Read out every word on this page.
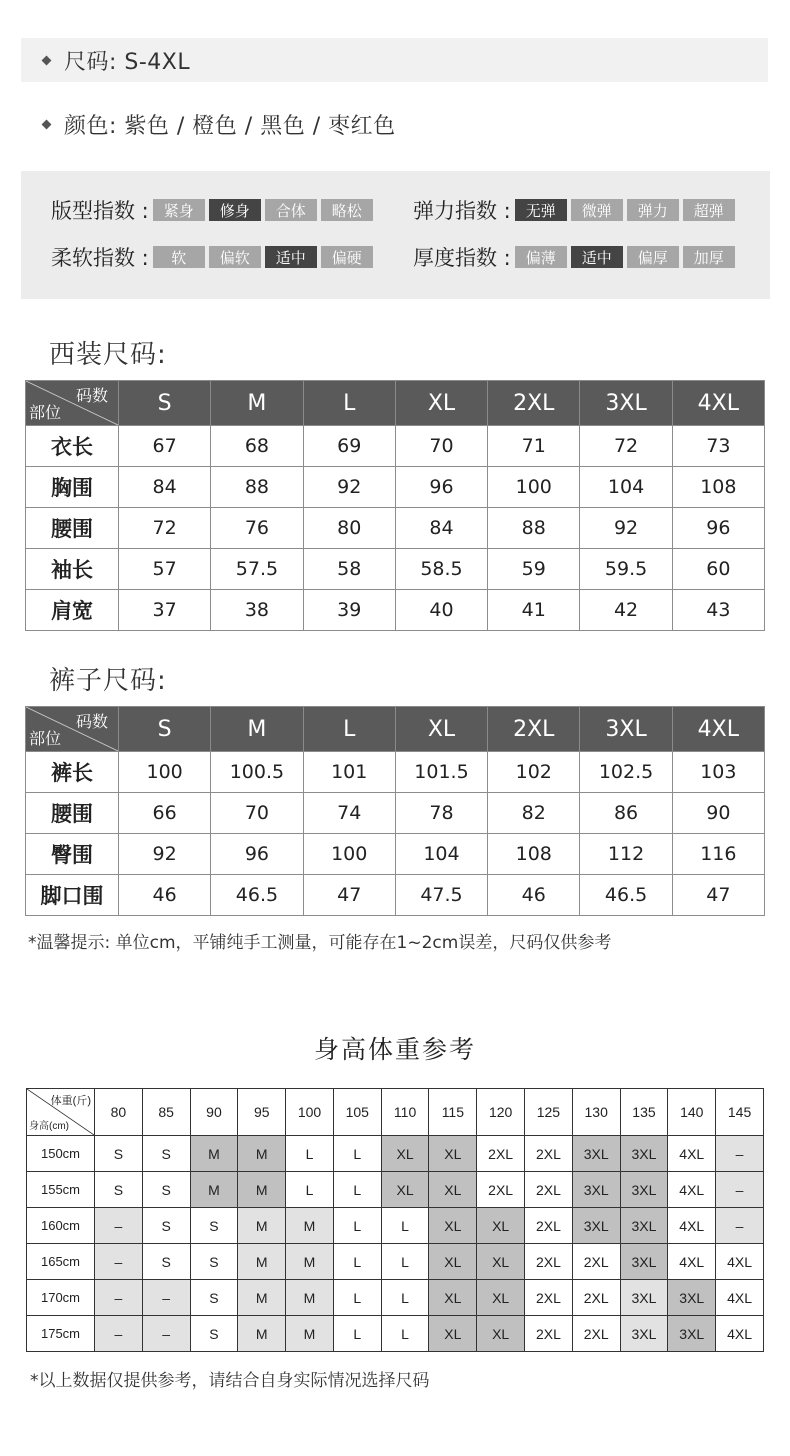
尺码: S-4XL
颜色: 紫色 / 橙色 / 黑色 / 枣红色
版型指数 : 紧身	修身	合体	略松	弹力指数 : 无弹	微弹	弹力	超弹
柔软指数 :	软	偏软	适中	偏硬	厚度指数 : 偏薄	适中	偏厚	加厚
西装尺码:
码数
部位	S	M	L	XL	2XL	3XL	4XL
衣长	67	68	69	70	71	72	73
胸围	84	88	92	96	100	104	108
腰围	72	76	80	84	88	92	96
袖长	57	57.5	58	58.5	59	59.5	60
肩宽	37	38	39	40	41	42	43
裤子尺码:
码数
部位	S	M	L	XL	2XL	3XL	4XL
裤长	100	100.5	101	101.5	102	102.5	103
腰围	66	70	74	78	82	86	90
臀围	92	96	100	104	108	112	116
脚口围	46	46.5	47	47.5	46	46.5	47
*温馨提示: 单位cm，平铺纯手工测量，可能存在1~2cm误差，尺码仅供参考
身高体重参考
体重(斤)
身高(cm)	80	85	90	95	100	105	110	115	120	125	130	135	140	145
150cm	S	S	M	M	L	L	XL	XL	2XL	2XL	3XL	3XL	4XL	–
155cm	S	S	M	M	L	L	XL	XL	2XL	2XL	3XL	3XL	4XL	–
160cm	–	S	S	M	M	L	L	XL	XL	2XL	3XL	3XL	4XL	–
165cm	–	S	S	M	M	L	L	XL	XL	2XL	2XL	3XL	4XL	4XL
170cm	–	–	S	M	M	L	L	XL	XL	2XL	2XL	3XL	3XL	4XL
175cm	–	–	S	M	M	L	L	XL	XL	2XL	2XL	3XL	3XL	4XL
*以上数据仅提供参考，请结合自身实际情况选择尺码
